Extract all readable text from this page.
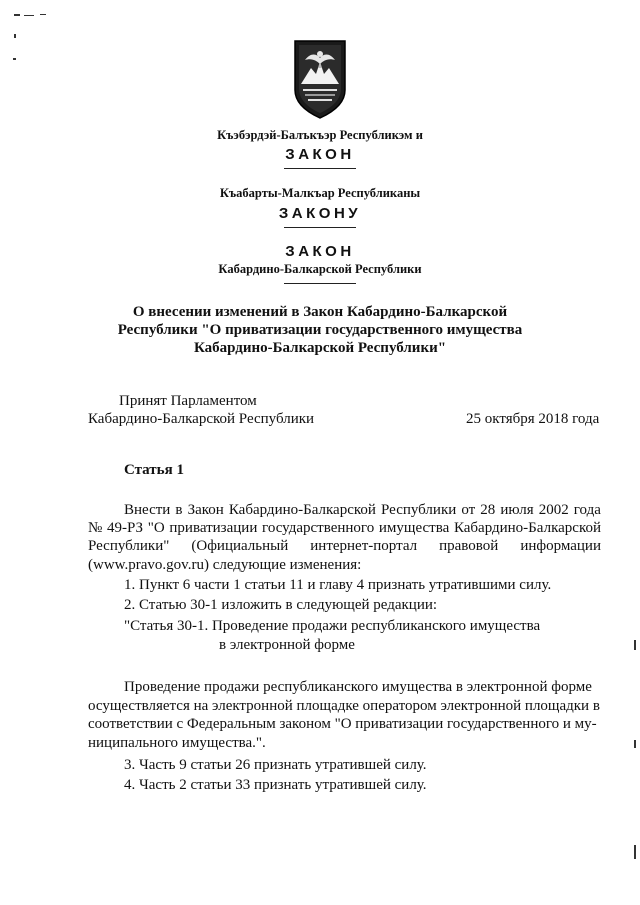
Къэбэрдэй-Балъкъэр Республикэм и
ЗАКОН
Къабарты-Малкъар Республиканы
ЗАКОНУ
ЗАКОН
Кабардино-Балкарской Республики
О внесении изменений в Закон Кабардино-Балкарской
Республики "О приватизации государственного имущества
Кабардино-Балкарской Республики"
Принят Парламентом
Кабардино-Балкарской Республики	25 октября 2018 года
Статья 1
Внести в Закон Кабардино-Балкарской Республики от 28 июля 2002 года
№ 49-РЗ "О приватизации государственного имущества Кабардино-Балкарской
Республики" (Официальный интернет-портал правовой информации
(www.pravo.gov.ru) следующие изменения:
1. Пункт 6 части 1 статьи 11 и главу 4 признать утратившими силу.
2. Статью 30-1 изложить в следующей редакции:
"Статья 30-1. Проведение продажи республиканского имущества
в электронной форме
Проведение продажи республиканского имущества в электронной форме
осуществляется на электронной площадке оператором электронной площадки в
соответствии с Федеральным законом "О приватизации государственного и му-
ниципального имущества.".
3. Часть 9 статьи 26 признать утратившей силу.
4. Часть 2 статьи 33 признать утратившей силу.
